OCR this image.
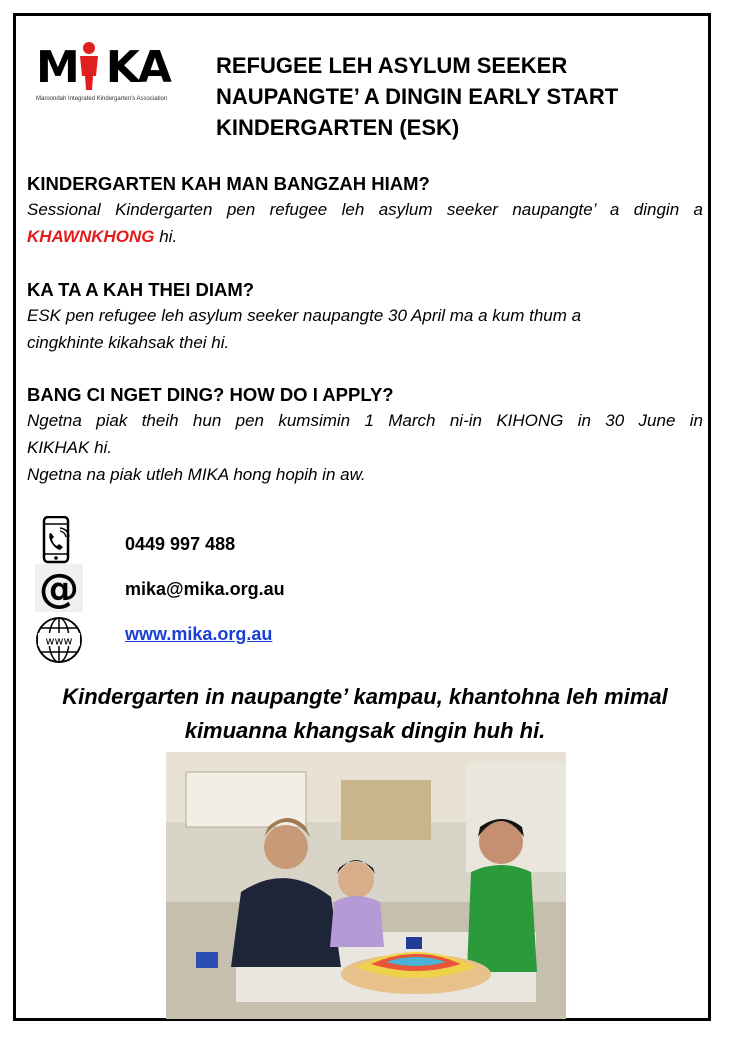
M KA
Maroondah Integrated Kindergarten's Association
REFUGEE LEH ASYLUM SEEKER
NAUPANGTE’ A DINGIN EARLY START
KINDERGARTEN (ESK)

KINDERGARTEN KAH MAN BANGZAH HIAM?

Sessional Kindergarten pen refugee leh asylum seeker naupangte’ a dingin a
KHAWNKHONG hi.

KA TA A KAH THEI DIAM?

ESK pen refugee leh asylum seeker naupangte 30 April ma a kum thum a
cingkhinte kikahsak thei hi.

BANG CI NGET DING? HOW DO I APPLY?

Ngetna piak theih hun pen kumsimin 1 March ni-in KIHONG in 30 June in
KIKHAK hi.
Ngetna na piak utleh MIKA hong hopih in aw.

0449 997 488
@	mika@mika.org.au
www	www.mika.org.au
Kindergarten in naupangte’ kampau, khantohna leh mimal
kimuanna khangsak dingin huh hi.
